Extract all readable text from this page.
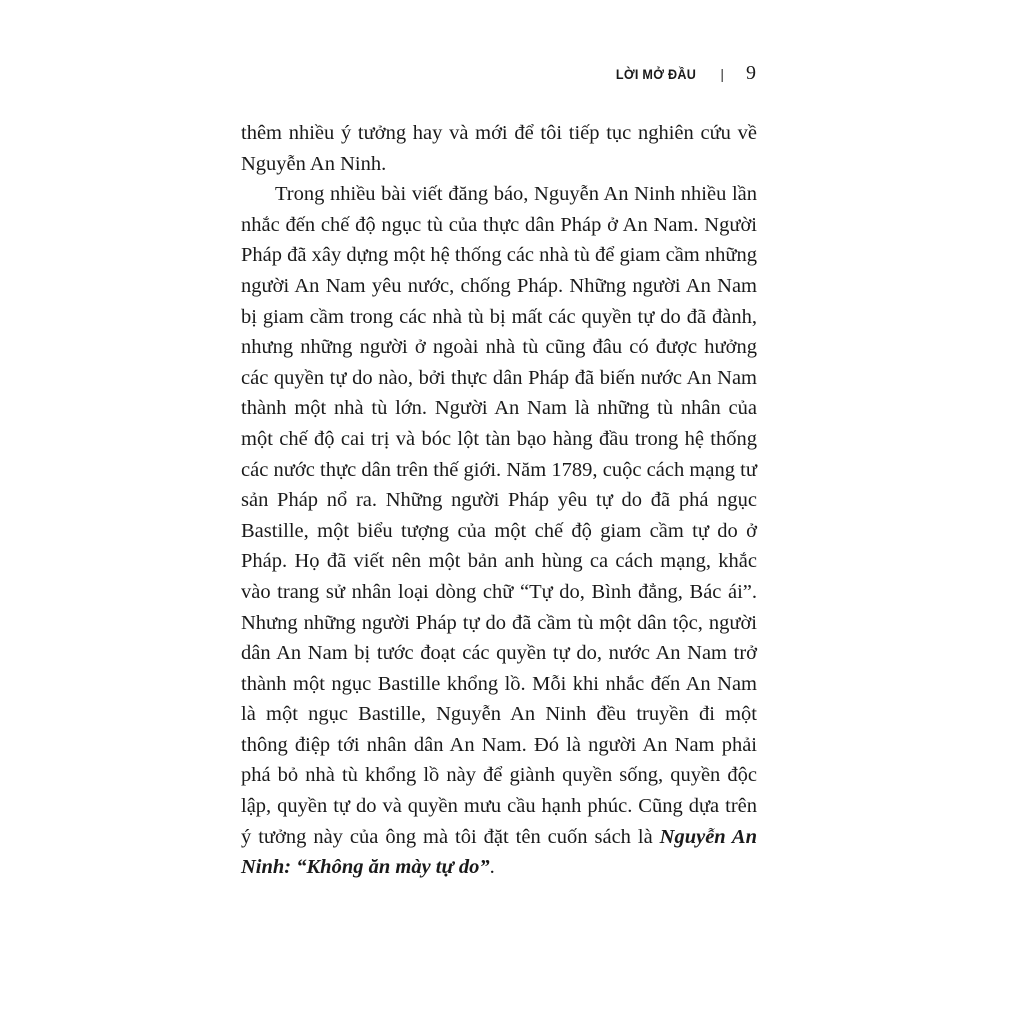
LỜI MỞ ĐẦU | 9

thêm nhiều ý tưởng hay và mới để tôi tiếp tục nghiên cứu về Nguyễn An Ninh.

Trong nhiều bài viết đăng báo, Nguyễn An Ninh nhiều lần nhắc đến chế độ ngục tù của thực dân Pháp ở An Nam. Người Pháp đã xây dựng một hệ thống các nhà tù để giam cầm những người An Nam yêu nước, chống Pháp. Những người An Nam bị giam cầm trong các nhà tù bị mất các quyền tự do đã đành, nhưng những người ở ngoài nhà tù cũng đâu có được hưởng các quyền tự do nào, bởi thực dân Pháp đã biến nước An Nam thành một nhà tù lớn. Người An Nam là những tù nhân của một chế độ cai trị và bóc lột tàn bạo hàng đầu trong hệ thống các nước thực dân trên thế giới. Năm 1789, cuộc cách mạng tư sản Pháp nổ ra. Những người Pháp yêu tự do đã phá ngục Bastille, một biểu tượng của một chế độ giam cầm tự do ở Pháp. Họ đã viết nên một bản anh hùng ca cách mạng, khắc vào trang sử nhân loại dòng chữ “Tự do, Bình đẳng, Bác ái”. Nhưng những người Pháp tự do đã cầm tù một dân tộc, người dân An Nam bị tước đoạt các quyền tự do, nước An Nam trở thành một ngục Bastille khổng lồ. Mỗi khi nhắc đến An Nam là một ngục Bastille, Nguyễn An Ninh đều truyền đi một thông điệp tới nhân dân An Nam. Đó là người An Nam phải phá bỏ nhà tù khổng lồ này để giành quyền sống, quyền độc lập, quyền tự do và quyền mưu cầu hạnh phúc. Cũng dựa trên ý tưởng này của ông mà tôi đặt tên cuốn sách là Nguyễn An Ninh: “Không ăn mày tự do”.
